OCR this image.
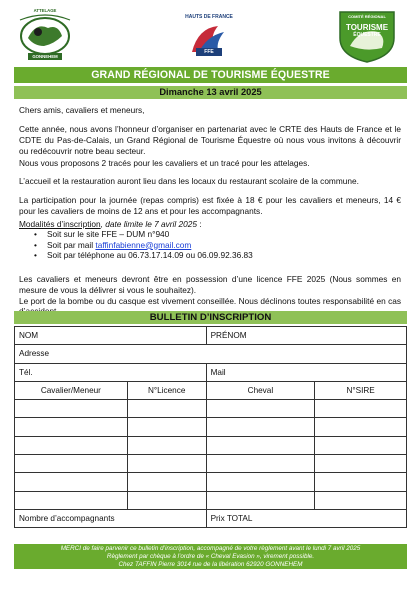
ATTELAGE
GONNEHEM
HAUTS DE FRANCE
FFE
COMITÉ RÉGIONAL
TOURISME
ÉQUESTRE
GRAND RÉGIONAL DE TOURISME ÉQUESTRE
Dimanche 13 avril 2025
Chers amis, cavaliers et meneurs,
Cette année, nous avons l’honneur d’organiser en partenariat avec le CRTE des Hauts de France et le CDTE du Pas-de-Calais, un Grand Régional de Tourisme Équestre où nous vous invitons à découvrir ou redécouvrir notre beau secteur.
Nous vous proposons 2 tracés pour les cavaliers et un tracé pour les attelages.
L’accueil et la restauration auront lieu dans les locaux du restaurant scolaire de la commune.
La participation pour la journée (repas compris) est fixée à 18 € pour les cavaliers et meneurs, 14 € pour les cavaliers de moins de 12 ans et pour les accompagnants.
Modalités d’inscription, date limite le 7 avril 2025 :
• Soit sur le site FFE – DUM n°940
• Soit par mail taffinfabienne@gmail.com
• Soit par téléphone au 06.73.17.14.09 ou 06.09.92.36.83
Les cavaliers et meneurs devront être en possession d’une licence FFE 2025 (Nous sommes en mesure de vous la délivrer si vous le souhaitez).
Le port de la bombe ou du casque est vivement conseillée. Nous déclinons toutes responsabilité en cas
BULLETIN D’INSCRIPTION
NOM		PRÉNOM	
Adresse			
Tél.		Mail	
Cavalier/Meneur	N°Licence	Cheval	N°SIRE

Nombre d’accompagnants		Prix TOTAL	
MERCI de faire parvenir ce bulletin d’inscription, accompagné de votre règlement avant le lundi 7 avril 2025
Règlement par chèque à l’ordre de « Cheval Evasion », virement possible.
Chez TAFFIN Pierre 3014 rue de la libération 62920 GONNEHEM
